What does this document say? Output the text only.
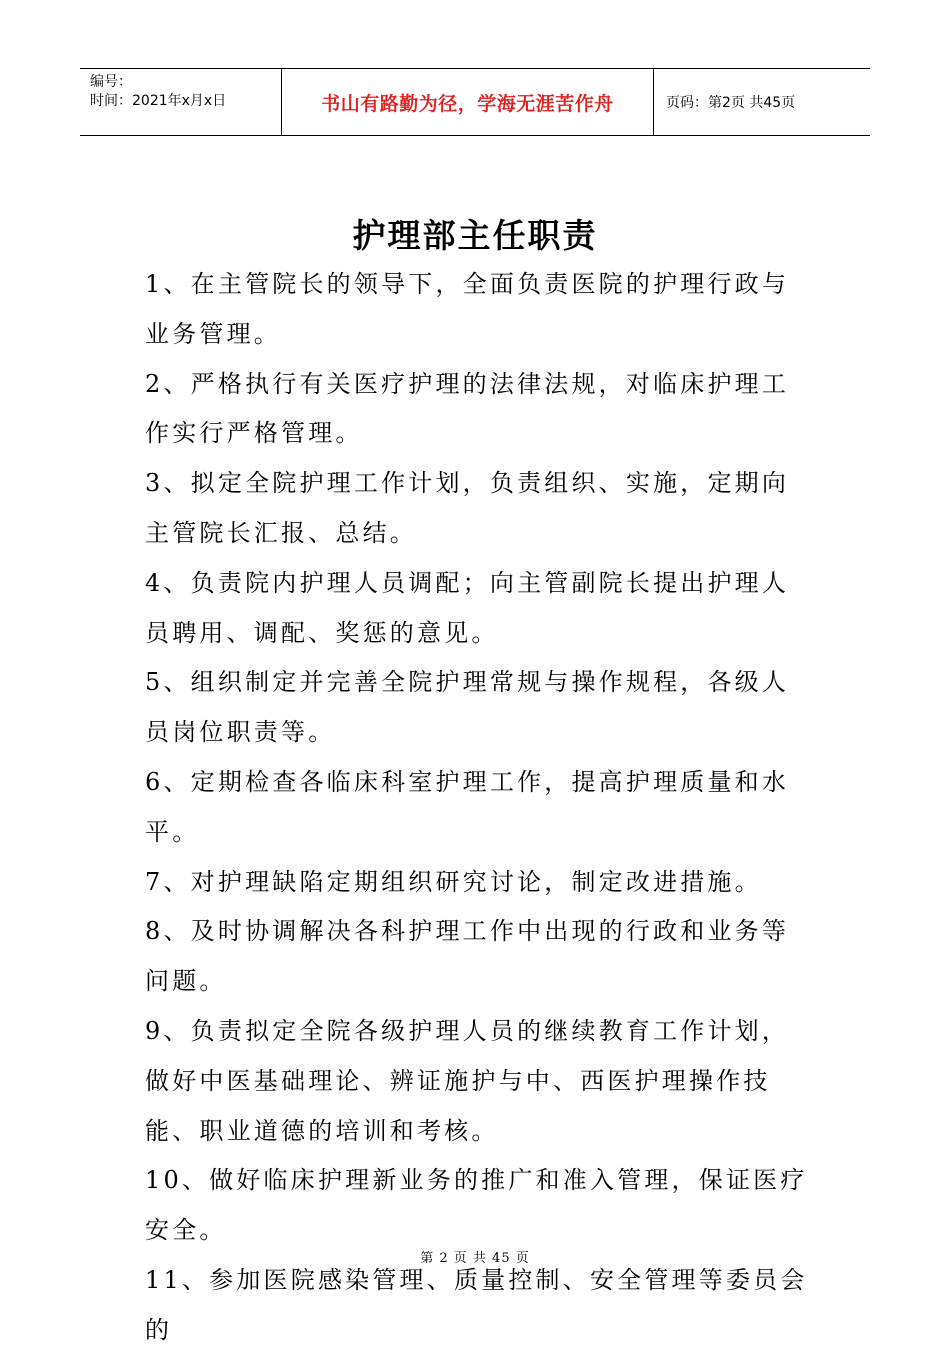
编号：
时间：2021年x月x日	书山有路勤为径，学海无涯苦作舟	页码：第2页 共45页
护理部主任职责

1、在主管院长的领导下，全面负责医院的护理行政与业务管理。

2、严格执行有关医疗护理的法律法规，对临床护理工作实行严格管理。

3、拟定全院护理工作计划，负责组织、实施，定期向主管院长汇报、总结。

4、负责院内护理人员调配；向主管副院长提出护理人员聘用、调配、奖惩的意见。

5、组织制定并完善全院护理常规与操作规程，各级人员岗位职责等。

6、定期检查各临床科室护理工作，提高护理质量和水平。

7、对护理缺陷定期组织研究讨论，制定改进措施。

8、及时协调解决各科护理工作中出现的行政和业务等问题。

9、负责拟定全院各级护理人员的继续教育工作计划，做好中医基础理论、辨证施护与中、西医护理操作技能、职业道德的培训和考核。

10、做好临床护理新业务的推广和准入管理，保证医疗安全。

11、参加医院感染管理、质量控制、安全管理等委员会的

第 2 页 共 45 页
